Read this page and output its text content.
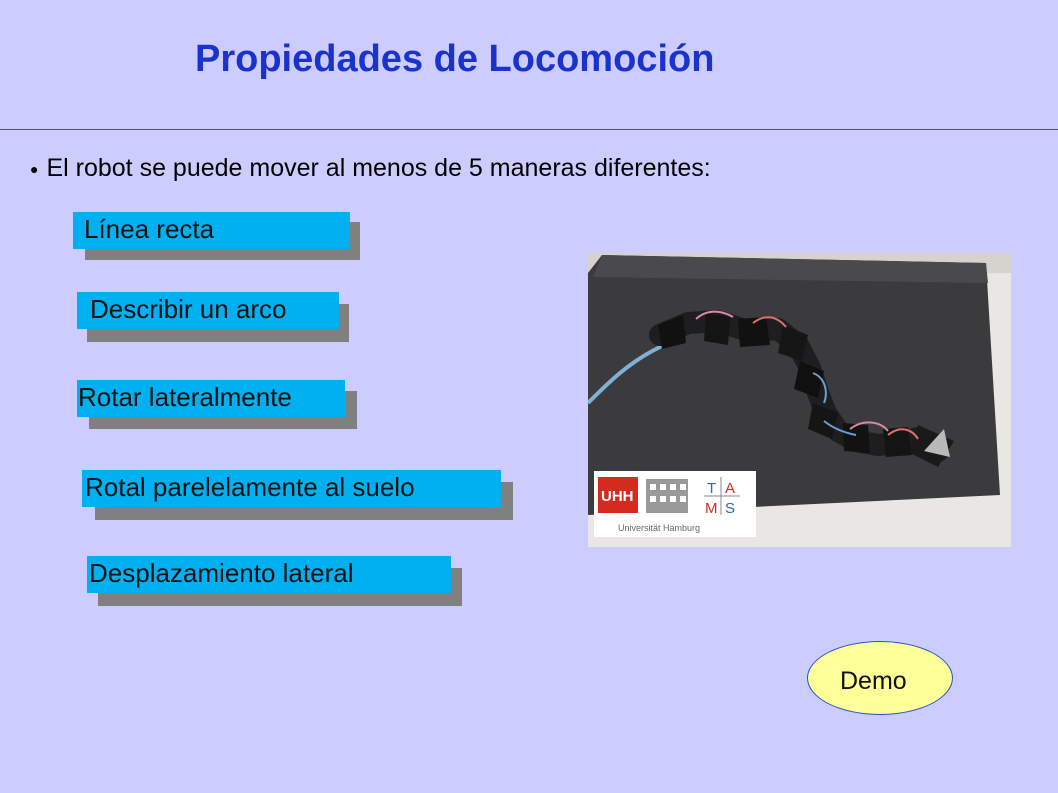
Propiedades de Locomoción
● El robot se puede mover al menos de 5 maneras diferentes:
Línea recta
Describir un arco
Rotar lateralmente
Rotal parelelamente al suelo
Desplazamiento lateral
UHH	T A
M S
Universität Hamburg
Demo
